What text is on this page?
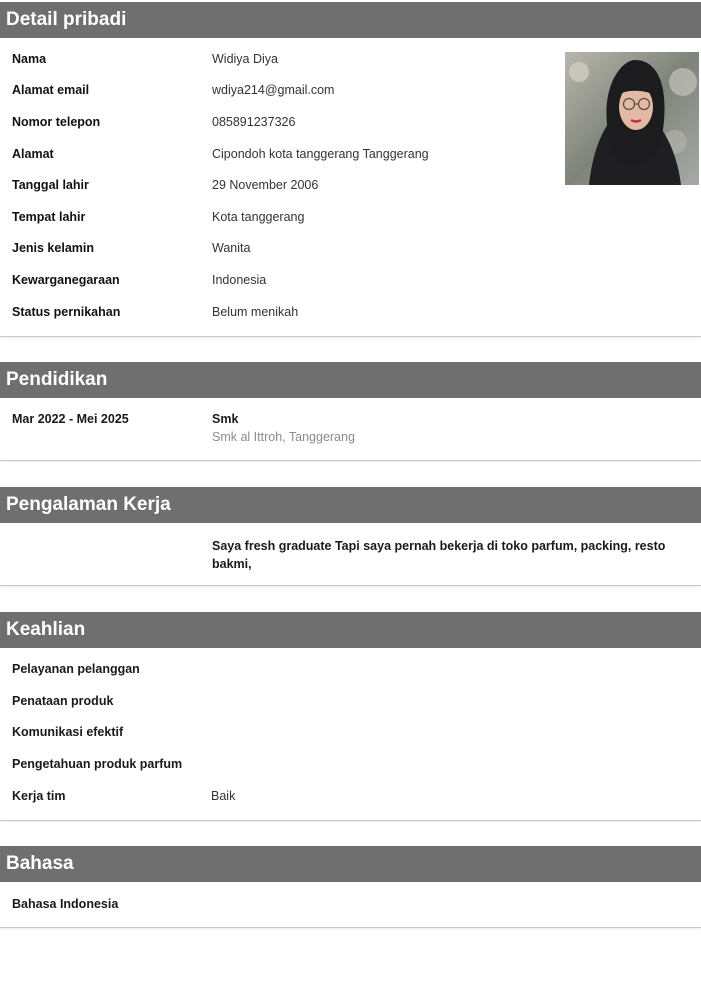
Detail pribadi
Nama	Widiya Diya
Alamat email	wdiya214@gmail.com
Nomor telepon	085891237326
Alamat	Cipondoh kota tanggerang Tanggerang
Tanggal lahir	29 November 2006
Tempat lahir	Kota tanggerang
Jenis kelamin	Wanita
Kewarganegaraan	Indonesia
Status pernikahan	Belum menikah
Pendidikan
Mar 2022 - Mei 2025	Smk
Smk al Ittroh, Tanggerang
Pengalaman Kerja
Saya fresh graduate Tapi saya pernah bekerja di toko parfum, packing, resto bakmi,
Keahlian
Pelayanan pelanggan
Penataan produk
Komunikasi efektif
Pengetahuan produk parfum
Kerja tim	Baik
Bahasa
Bahasa Indonesia
